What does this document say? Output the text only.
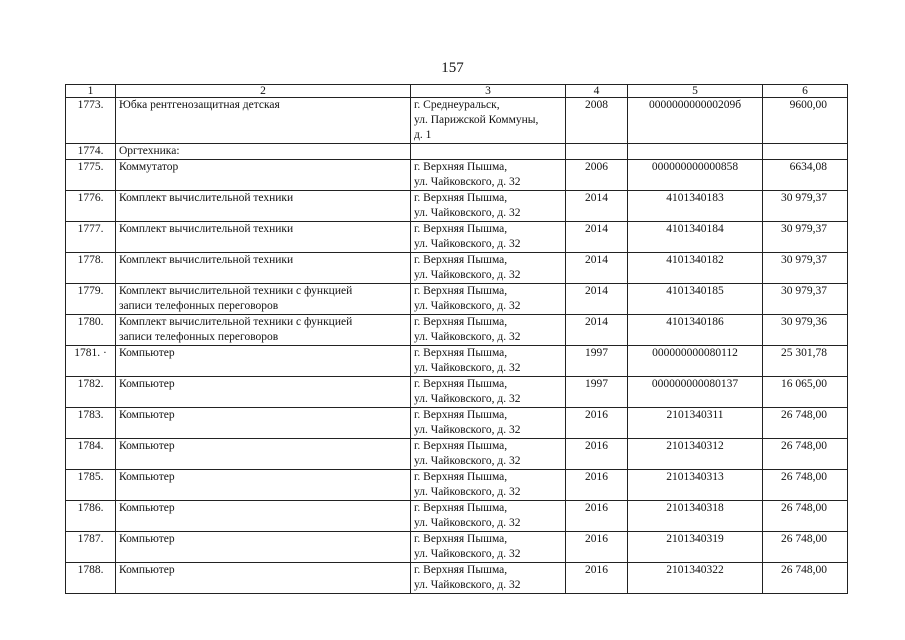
157
1	2	3	4	5	6
1773.	Юбка рентгенозащитная детская	г. Среднеуральск,
ул. Парижской Коммуны,
д. 1	2008	000000000000209б	9600,00
1774.	Оргтехника:				

1775.	Коммутатор	г. Верхняя Пышма,
ул. Чайковского, д. 32	2006	000000000000858	6634,08
1776.	Комплект вычислительной техники	г. Верхняя Пышма,
ул. Чайковского, д. 32	2014	4101340183	30 979,37
1777.	Комплект вычислительной техники	г. Верхняя Пышма,
ул. Чайковского, д. 32	2014	4101340184	30 979,37
1778.	Комплект вычислительной техники	г. Верхняя Пышма,
ул. Чайковского, д. 32	2014	4101340182	30 979,37
1779.	Комплект вычислительной техники с функцией
записи телефонных переговоров	г. Верхняя Пышма,
ул. Чайковского, д. 32	2014	4101340185	30 979,37
1780.	Комплект вычислительной техники с функцией
записи телефонных переговоров	г. Верхняя Пышма,
ул. Чайковского, д. 32	2014	4101340186	30 979,36
1781. ·	Компьютер	г. Верхняя Пышма,
ул. Чайковского, д. 32	1997	000000000080112	25 301,78
1782.	Компьютер	г. Верхняя Пышма,
ул. Чайковского, д. 32	1997	000000000080137	16 065,00
1783.	Компьютер	г. Верхняя Пышма,
ул. Чайковского, д. 32	2016	2101340311	26 748,00
1784.	Компьютер	г. Верхняя Пышма,
ул. Чайковского, д. 32	2016	2101340312	26 748,00
1785.	Компьютер	г. Верхняя Пышма,
ул. Чайковского, д. 32	2016	2101340313	26 748,00
1786.	Компьютер	г. Верхняя Пышма,
ул. Чайковского, д. 32	2016	2101340318	26 748,00
1787.	Компьютер	г. Верхняя Пышма,
ул. Чайковского, д. 32	2016	2101340319	26 748,00
1788.	Компьютер	г. Верхняя Пышма,
ул. Чайковского, д. 32	2016	2101340322	26 748,00
